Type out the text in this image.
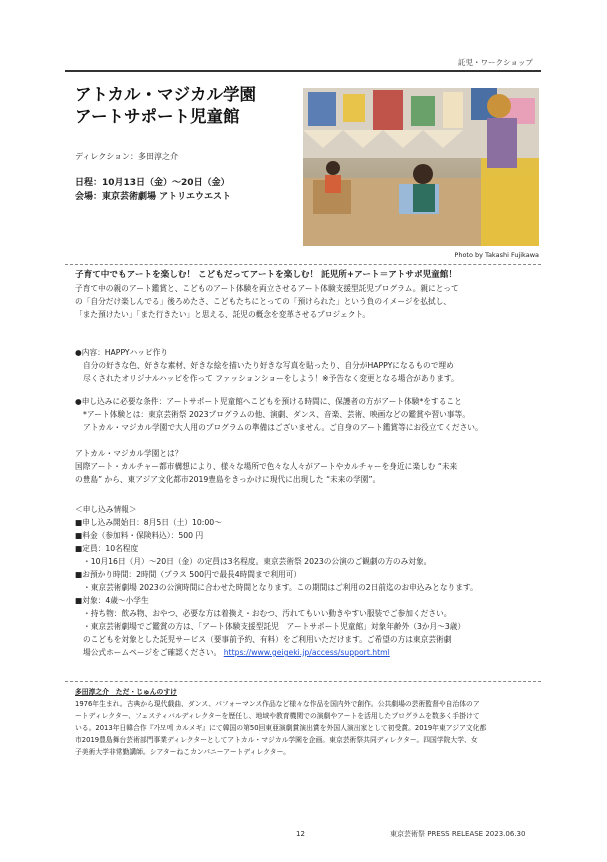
託児・ワークショップ
アトカル・マジカル学園
アートサポート児童館
ディレクション：多田淳之介
日程：10月13日（金）〜20日（金）
会場：東京芸術劇場 アトリエウエスト
Photo by Takashi Fujikawa

子育て中でもアートを楽しむ！ こどもだってアートを楽しむ！ 託児所+アート＝アトサポ児童館！

子育て中の親のアート鑑賞と、こどものアート体験を両立させるアート体験支援型託児プログラム。親にとって

の「自分だけ楽しんでる」後ろめたさ、こどもたちにとっての「預けられた」という負のイメージを払拭し、

「また預けたい」「また行きたい」と思える、託児の概念を変革させるプロジェクト。

●内容：HAPPYハッピ作り

自分の好きな色、好きな素材、好きな絵を描いたり好きな写真を貼ったり、自分がHAPPYになるもので埋め

尽くされたオリジナルハッピを作って ファッションショーをしよう！※予告なく変更となる場合があります。

●申し込みに必要な条件：アートサポート児童館へこどもを預ける時間に、保護者の方がアート体験*をすること

*アート体験とは：東京芸術祭 2023プログラムの他、演劇、ダンス、音楽、芸術、映画などの鑑賞や習い事等。

アトカル・マジカル学園で大人用のプログラムの準備はございません。ご自身のアート鑑賞等にお役立てください。

アトカル・マジカル学園とは？

国際アート・カルチャー都市構想により、様々な場所で色々な人々がアートやカルチャーを身近に楽しむ “未来

の豊島” から、東アジア文化都市2019豊島をきっかけに現代に出現した “未来の学園”。

＜申し込み情報＞

■ 申し込み開始日：8月5日（土）10:00〜

■ 料金（参加料・保険料込）：500 円

■ 定員：10名程度

・10月16日（月）〜20日（金）の定員は3名程度。東京芸術祭 2023の公演のご観劇の方のみ対象。

■ お預かり時間：2時間（プラス 500円で最長4時間まで利用可）

・東京芸術劇場 2023の公演時間に合わせた時間となります。この期間はご利用の2日前迄のお申込みとなります。

■ 対象：4歳〜小学生

・持ち物：飲み物、おやつ、必要な方は着換え・おむつ、汚れてもいい動きやすい服装でご参加ください。

・東京芸術劇場でご鑑賞の方は、「アート体験支援型託児　アートサポート児童館」対象年齢外（3か月〜3歳）

のこどもを対象とした託児サービス（要事前予約、有料）をご利用いただけます。ご希望の方は東京芸術劇

場公式ホームページをご確認ください。 https://www.geigeki.jp/access/support.html

多田淳之介　ただ・じゅんのすけ

1976年生まれ。古典から現代戯曲、ダンス、パフォーマンス作品など様々な作品を国内外で創作。公共劇場の芸術監督や自治体のア

ートディレクター、フェスティバルディレクターを歴任し、地域や教育機関での演劇やアートを活用したプログラムを数多く手掛けて

いる。2013年日韓合作『가모메 カルメギ』にて韓国の第50回東亜演劇賞演出賞を外国人演出家として初受賞。2019年東アジア文化都

市2019豊島舞台芸術部門事業ディレクターとしてアトカル・マジカル学園を企画。東京芸術祭共同ディレクター。四国学院大学、女

子美術大学非常勤講師。シアターねこカンパニーアートディレクター。

12	東京芸術祭 PRESS RELEASE 2023.06.30
